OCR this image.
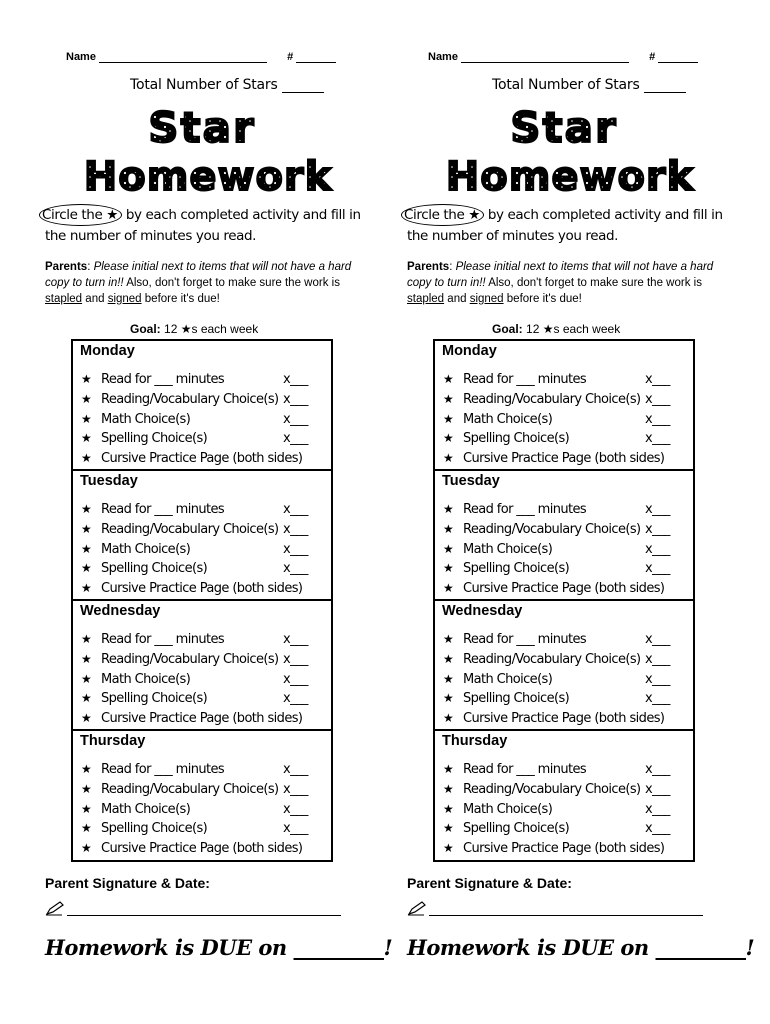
Name	#
Total Number of Stars
Star
Homework
Circle the ★ by each completed activity and fill in the number of minutes you read.
Parents: Please initial next to items that will not have a hard copy to turn in!! Also, don't forget to make sure the work is stapled and signed before it's due!
Goal: 12 ★s each week
Monday
★ Read for ___ minutes	x___
★ Reading/Vocabulary Choice(s) x___
★ Math Choice(s)	x___
★ Spelling Choice(s)	x___
★ Cursive Practice Page (both sides)
Tuesday
★ Read for ___ minutes	x___
★ Reading/Vocabulary Choice(s) x___
★ Math Choice(s)	x___
★ Spelling Choice(s)	x___
★ Cursive Practice Page (both sides)
Wednesday
★ Read for ___ minutes	x___
★ Reading/Vocabulary Choice(s) x___
★ Math Choice(s)	x___
★ Spelling Choice(s)	x___
★ Cursive Practice Page (both sides)
Thursday
★ Read for ___ minutes	x___
★ Reading/Vocabulary Choice(s) x___
★ Math Choice(s)	x___
★ Spelling Choice(s)	x___
★ Cursive Practice Page (both sides)
Parent Signature & Date:
Homework is DUE on _________!
Name	#
Total Number of Stars
Star
Homework
Circle the ★ by each completed activity and fill in the number of minutes you read.
Parents: Please initial next to items that will not have a hard copy to turn in!! Also, don't forget to make sure the work is stapled and signed before it's due!
Goal: 12 ★s each week
Monday
★ Read for ___ minutes	x___
★ Reading/Vocabulary Choice(s) x___
★ Math Choice(s)	x___
★ Spelling Choice(s)	x___
★ Cursive Practice Page (both sides)
Tuesday
★ Read for ___ minutes	x___
★ Reading/Vocabulary Choice(s) x___
★ Math Choice(s)	x___
★ Spelling Choice(s)	x___
★ Cursive Practice Page (both sides)
Wednesday
★ Read for ___ minutes	x___
★ Reading/Vocabulary Choice(s) x___
★ Math Choice(s)	x___
★ Spelling Choice(s)	x___
★ Cursive Practice Page (both sides)
Thursday
★ Read for ___ minutes	x___
★ Reading/Vocabulary Choice(s) x___
★ Math Choice(s)	x___
★ Spelling Choice(s)	x___
★ Cursive Practice Page (both sides)
Parent Signature & Date:
Homework is DUE on _________!
